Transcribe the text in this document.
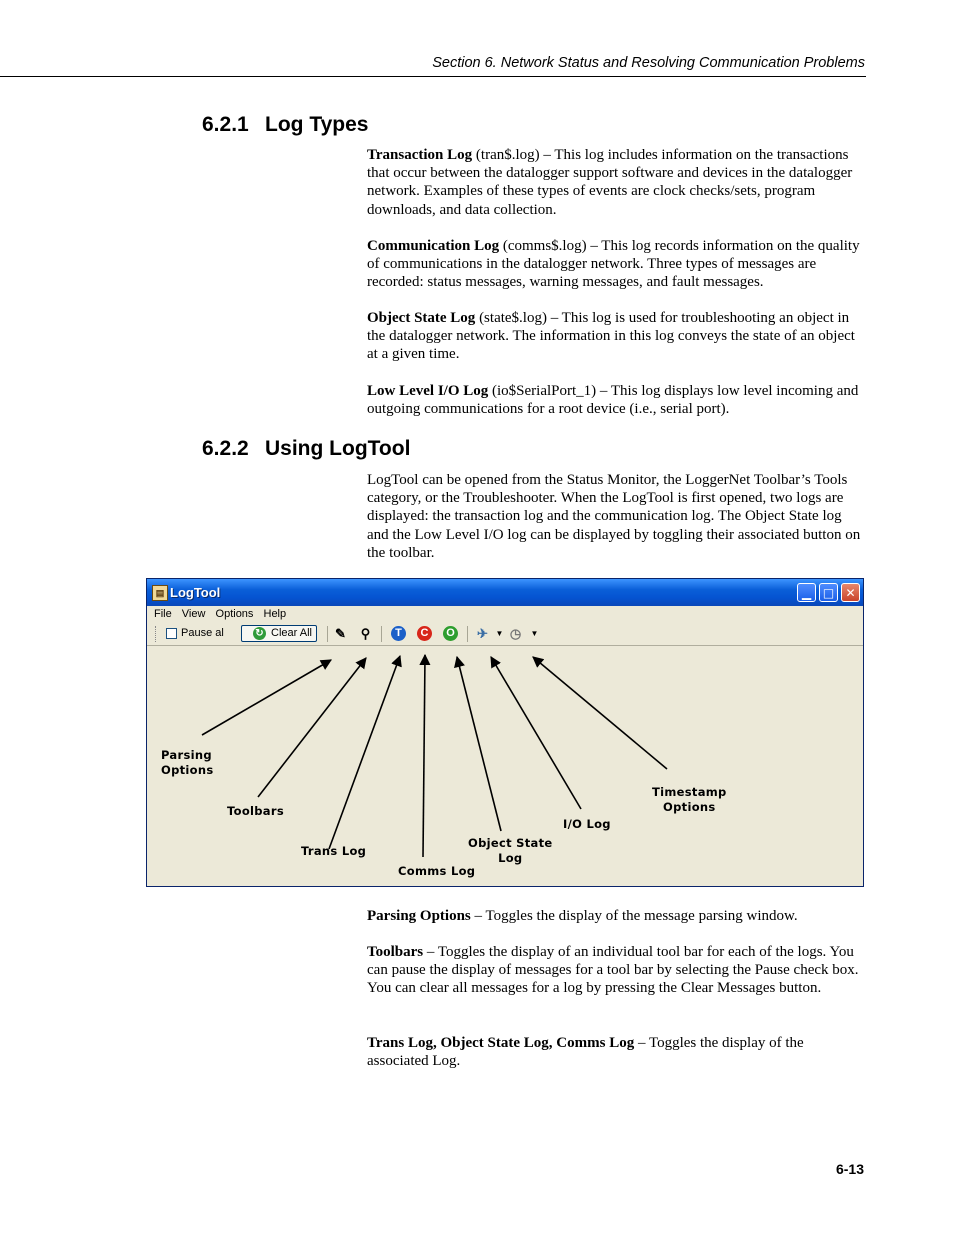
Section 6. Network Status and Resolving Communication Problems
6.2.1 Log Types

Transaction Log (tran$.log) – This log includes information on the transactions that occur between the datalogger support software and devices in the datalogger network. Examples of these types of events are clock checks/sets, program downloads, and data collection.

Communication Log (comms$.log) – This log records information on the quality of communications in the datalogger network. Three types of messages are recorded: status messages, warning messages, and fault messages.

Object State Log (state$.log) – This log is used for troubleshooting an object in the datalogger network. The information in this log conveys the state of an object at a given time.

Low Level I/O Log (io$SerialPort_1) – This log displays low level incoming and outgoing communications for a root device (i.e., serial port).

6.2.2 Using LogTool

LogTool can be opened from the Status Monitor, the LoggerNet Toolbar’s Tools category, or the Troubleshooter. When the LogTool is first opened, two logs are displayed: the transaction log and the communication log. The Object State log and the Low Level I/O log can be displayed by toggling their associated button on the toolbar.

▤ LogTool	▁ □ ✕
File View Options Help
Pause al	↻ Clear All ✎ ⚲	T	C	O ✈ ▼ ◷	▼
Parsing
Options
Toolbars
Trans Log
Comms Log
Object State
Log
I/O Log
Timestamp
Options

Parsing Options – Toggles the display of the message parsing window.

Toolbars – Toggles the display of an individual tool bar for each of the logs. You can pause the display of messages for a tool bar by selecting the Pause check box. You can clear all messages for a log by pressing the Clear Messages button.

Trans Log, Object State Log, Comms Log – Toggles the display of the associated Log.

6-13
